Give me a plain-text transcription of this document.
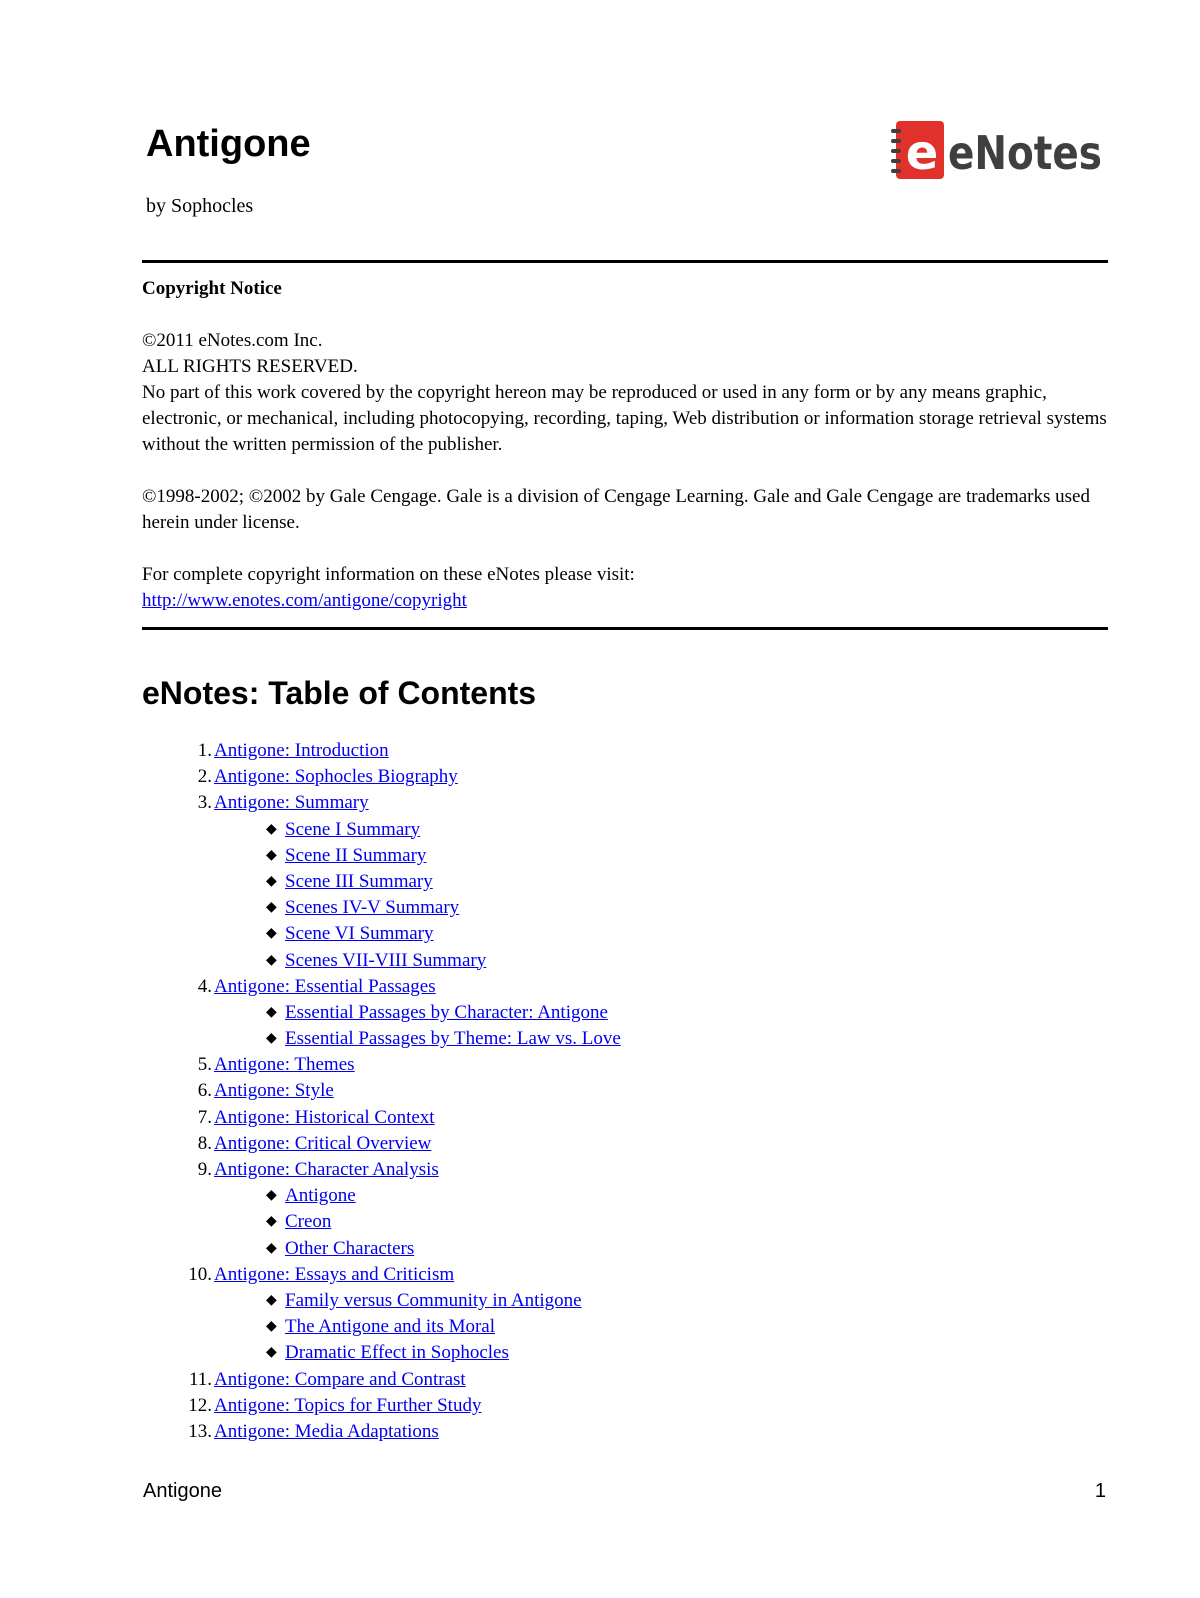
Antigone
by Sophocles
e eNotes

Copyright Notice

©2011 eNotes.com Inc.

ALL RIGHTS RESERVED.

No part of this work covered by the copyright hereon may be reproduced or used in any form or by any means graphic, electronic, or mechanical, including photocopying, recording, taping, Web distribution or information storage retrieval systems without the written permission of the publisher.

©1998-2002; ©2002 by Gale Cengage. Gale is a division of Cengage Learning. Gale and Gale Cengage are trademarks used herein under license.

For complete copyright information on these eNotes please visit:

http://www.enotes.com/antigone/copyright

eNotes: Table of Contents
1. Antigone: Introduction
2. Antigone: Sophocles Biography
3. Antigone: Summary
◆ Scene I Summary
◆ Scene II Summary
◆ Scene III Summary
◆ Scenes IV-V Summary
◆ Scene VI Summary
◆ Scenes VII-VIII Summary
4. Antigone: Essential Passages
◆ Essential Passages by Character: Antigone
◆ Essential Passages by Theme: Law vs. Love
5. Antigone: Themes
6. Antigone: Style
7. Antigone: Historical Context
8. Antigone: Critical Overview
9. Antigone: Character Analysis
◆ Antigone
◆ Creon
◆ Other Characters
10. Antigone: Essays and Criticism
◆ Family versus Community in Antigone
◆ The Antigone and its Moral
◆ Dramatic Effect in Sophocles
11. Antigone: Compare and Contrast
12. Antigone: Topics for Further Study
13. Antigone: Media Adaptations
Antigone	1
